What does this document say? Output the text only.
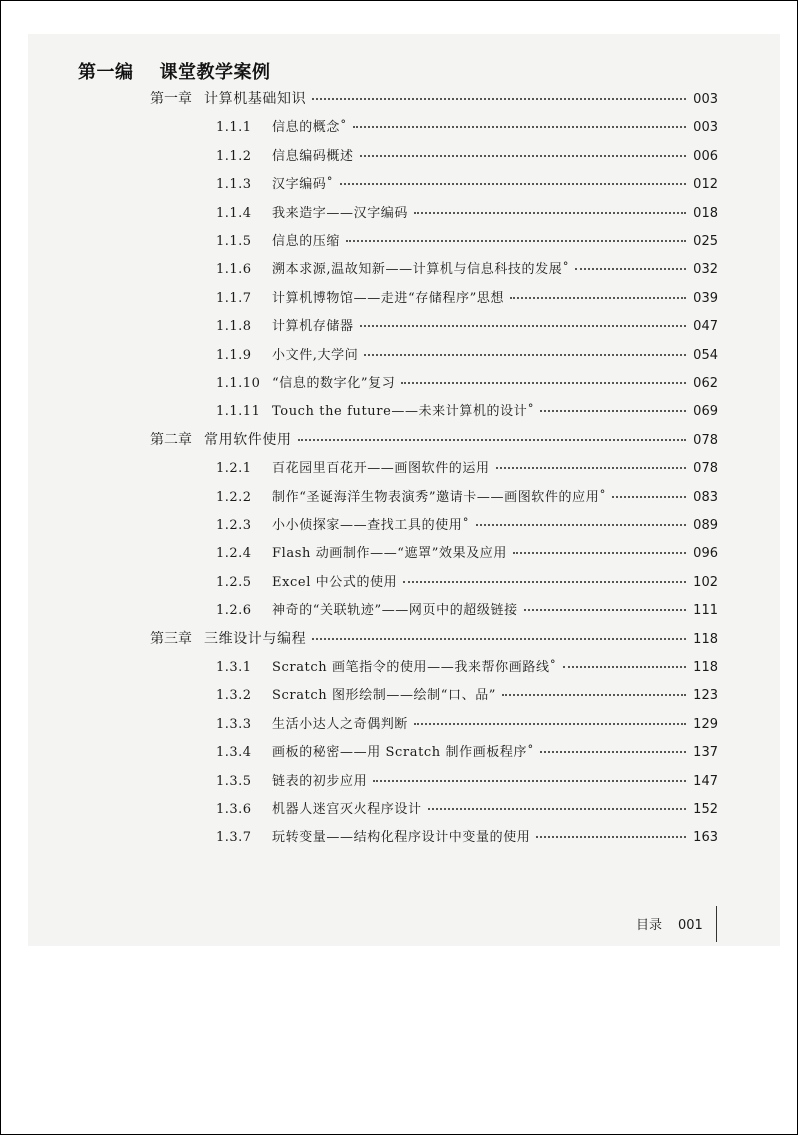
第一编 课堂教学案例
第一章 计算机基础知识	003
1.1.1	信息的概念˚	003
1.1.2	信息编码概述	006
1.1.3	汉字编码˚	012
1.1.4	我来造字——汉字编码	018
1.1.5	信息的压缩	025
1.1.6	溯本求源,温故知新——计算机与信息科技的发展˚	032
1.1.7	计算机博物馆——走进“存储程序”思想	039
1.1.8	计算机存储器	047
1.1.9	小文件,大学问	054
1.1.10 “信息的数字化”复习	062
1.1.11 Touch the future——未来计算机的设计˚	069
第二章 常用软件使用	078
1.2.1	百花园里百花开——画图软件的运用	078
1.2.2	制作“圣诞海洋生物表演秀”邀请卡——画图软件的应用˚	083
1.2.3	小小侦探家——查找工具的使用˚	089
1.2.4	Flash 动画制作——“遮罩”效果及应用	096
1.2.5	Excel 中公式的使用	102
1.2.6	神奇的“关联轨迹”——网页中的超级链接	111
第三章 三维设计与编程	118
1.3.1	Scratch 画笔指令的使用——我来帮你画路线˚	118
1.3.2	Scratch 图形绘制——绘制“口、品”	123
1.3.3	生活小达人之奇偶判断	129
1.3.4	画板的秘密——用 Scratch 制作画板程序˚	137
1.3.5	链表的初步应用	147
1.3.6	机器人迷宫灭火程序设计	152
1.3.7	玩转变量——结构化程序设计中变量的使用	163
目录 001
